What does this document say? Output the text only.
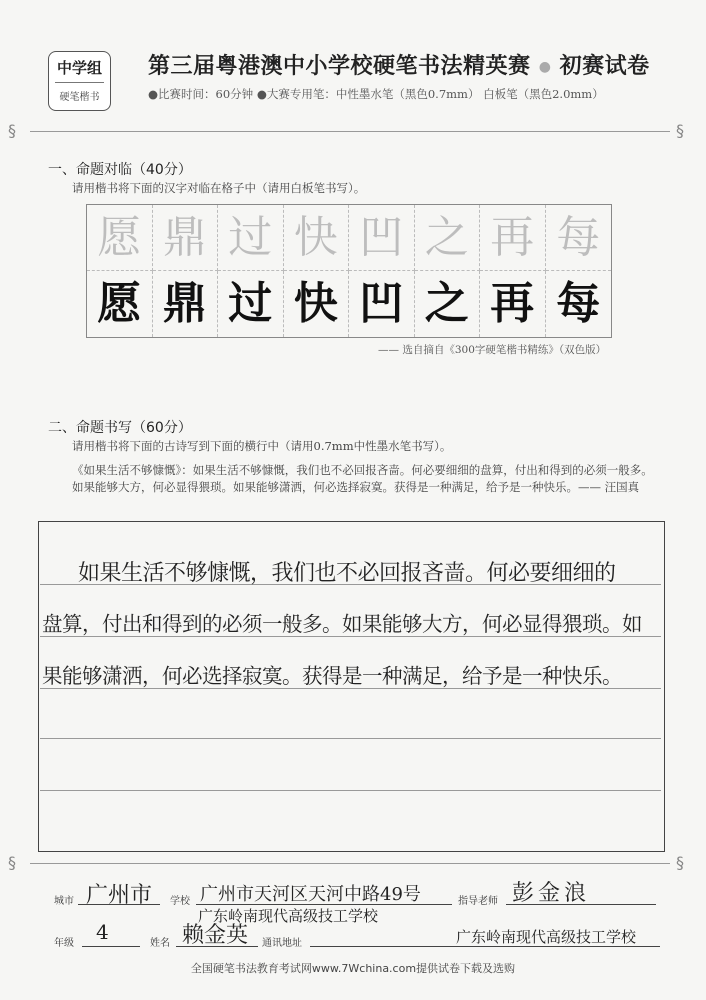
中学组
硬笔楷书
第三届粤港澳中小学校硬笔书法精英赛 ● 初赛试卷
●比赛时间：60分钟 ●大赛专用笔：中性墨水笔（黑色0.7mm） 白板笔（黑色2.0mm）
§	§
一、命题对临（40分）
请用楷书将下面的汉字对临在格子中（请用白板笔书写）。
愿 鼎 过 快 凹 之 再 每
愿 鼎 过 快 凹 之 再 每
—— 选自摘自《300字硬笔楷书精练》（双色版）
二、命题书写（60分）
请用楷书将下面的古诗写到下面的横行中（请用0.7mm中性墨水笔书写）。
《如果生活不够慷慨》：如果生活不够慷慨，我们也不必回报吝啬。何必要细细的盘算，付出和得到的必须一般多。如果能够大方，何必显得猥琐。如果能够潇洒，何必选择寂寞。获得是一种满足，给予是一种快乐。—— 汪国真
如果生活不够慷慨，我们也不必回报吝啬。何必要细细的
盘算，付出和得到的必须一般多。如果能够大方，何必显得猥琐。如
果能够潇洒，何必选择寂寞。获得是一种满足，给予是一种快乐。
§	§
城市 广州市 学校 广州市天河区天河中路49号	指导老师 彭金浪
广东岭南现代高级技工学校
年级 4	姓名 赖金英 通讯地址	广东岭南现代高级技工学校
全国硬笔书法教育考试网www.7Wchina.com提供试卷下载及选购
